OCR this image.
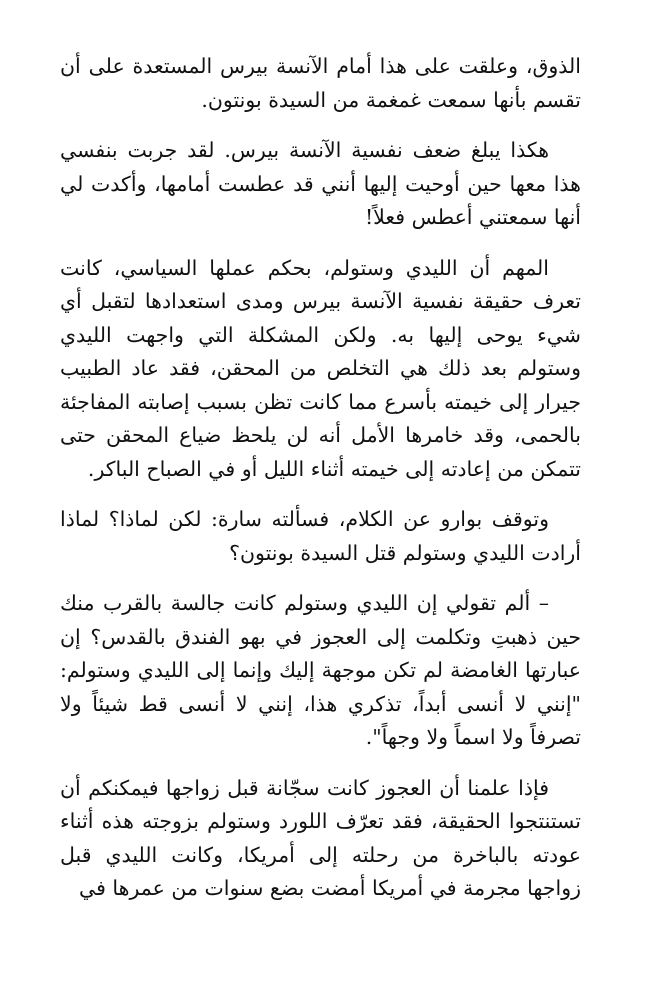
الذوق، وعلقت على هذا أمام الآنسة بيرس المستعدة على أن تقسم بأنها سمعت غمغمة من السيدة بونتون.

هكذا يبلغ ضعف نفسية الآنسة بيرس. لقد جربت بنفسي هذا معها حين أوحيت إليها أنني قد عطست أمامها، وأكدت لي أنها سمعتني أعطس فعلاً!

المهم أن الليدي وستولم، بحكم عملها السياسي، كانت تعرف حقيقة نفسية الآنسة بيرس ومدى استعدادها لتقبل أي شيء يوحى إليها به. ولكن المشكلة التي واجهت الليدي وستولم بعد ذلك هي التخلص من المحقن، فقد عاد الطبيب جيرار إلى خيمته بأسرع مما كانت تظن بسبب إصابته المفاجئة بالحمى، وقد خامرها الأمل أنه لن يلحظ ضياع المحقن حتى تتمكن من إعادته إلى خيمته أثناء الليل أو في الصباح الباكر.

وتوقف بوارو عن الكلام، فسألته سارة: لكن لماذا؟ لماذا أرادت الليدي وستولم قتل السيدة بونتون؟

– ألم تقولي إن الليدي وستولم كانت جالسة بالقرب منك حين ذهبتِ وتكلمت إلى العجوز في بهو الفندق بالقدس؟ إن عبارتها الغامضة لم تكن موجهة إليك وإنما إلى الليدي وستولم: "إنني لا أنسى أبداً، تذكري هذا، إنني لا أنسى قط شيئاً ولا تصرفاً ولا اسماً ولا وجهاً".

فإذا علمنا أن العجوز كانت سجّانة قبل زواجها فيمكنكم أن تستنتجوا الحقيقة، فقد تعرّف اللورد وستولم بزوجته هذه أثناء عودته بالباخرة من رحلته إلى أمريكا، وكانت الليدي قبل زواجها مجرمة في أمريكا أمضت بضع سنوات من عمرها في
